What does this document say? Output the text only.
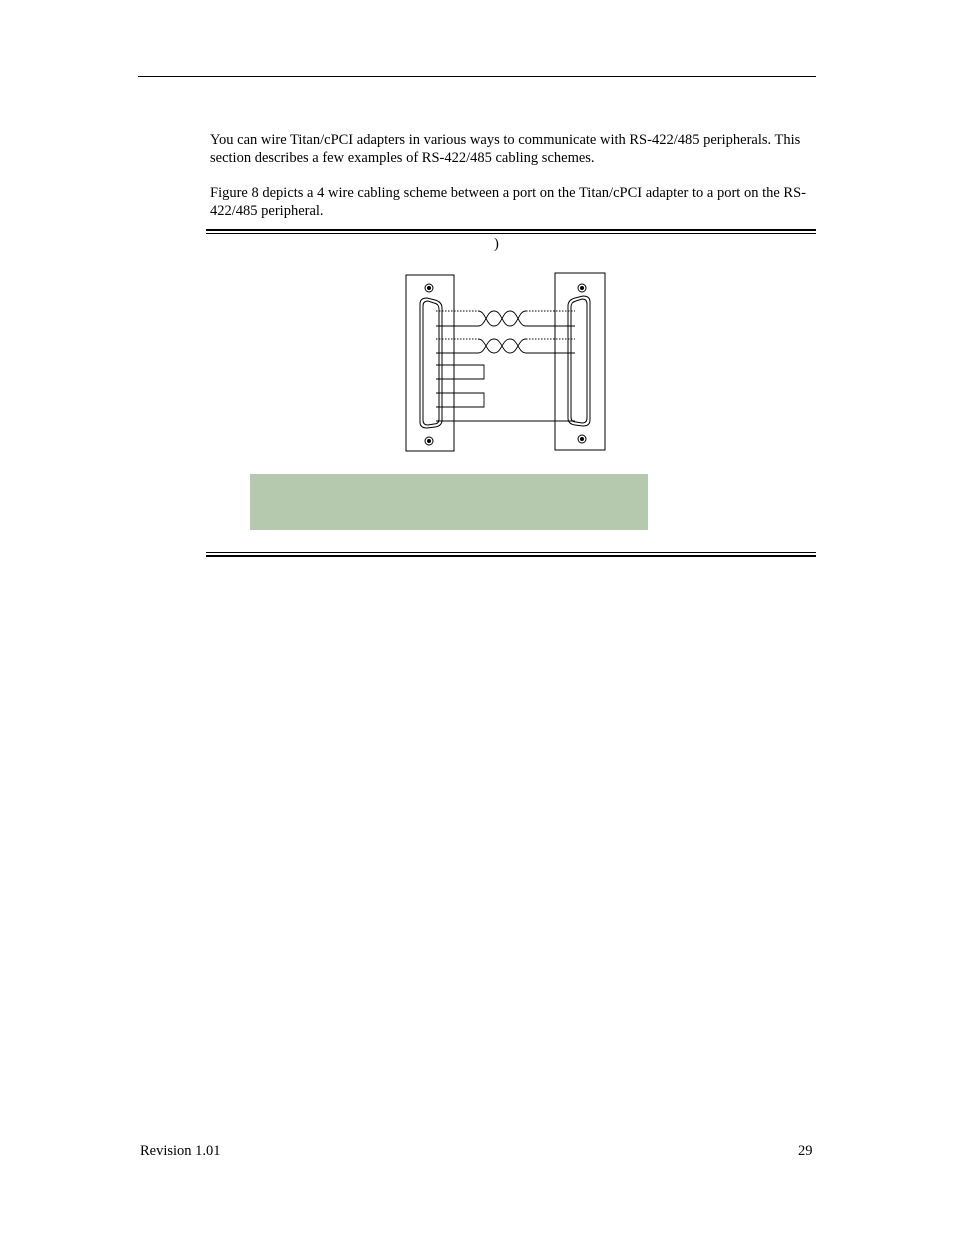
You can wire Titan/cPCI adapters in various ways to communicate with RS-422/485 peripherals. This section describes a few examples of RS-422/485 cabling schemes.

Figure 8 depicts a 4 wire cabling scheme between a port on the Titan/cPCI adapter to a port on the RS-422/485 peripheral.

)
Revision 1.01	29
